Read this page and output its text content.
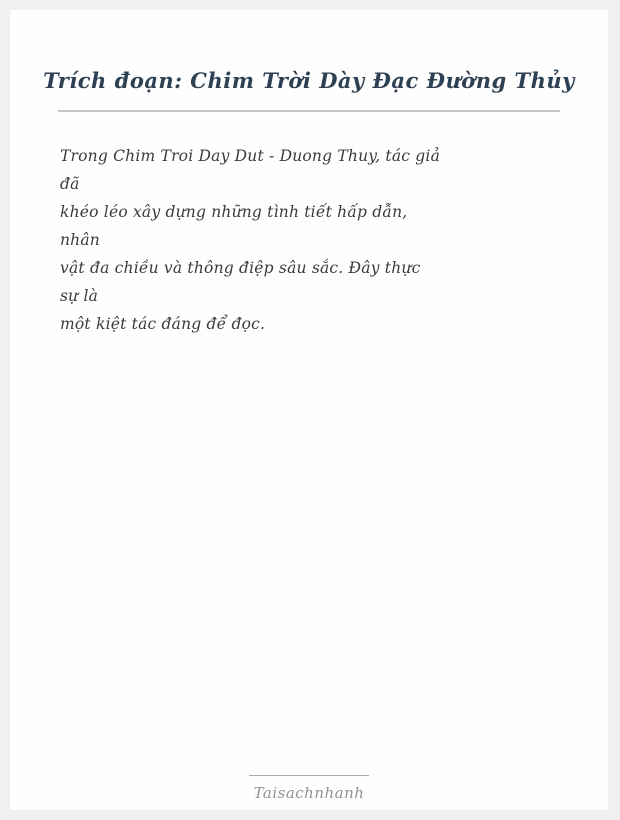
Trích đoạn: Chim Trời Dày Đạc Đường Thủy
Trong Chim Troi Day Dut - Duong Thuy, tác giả
đã
khéo léo xây dựng những tình tiết hấp dẫn,
nhân
vật đa chiều và thông điệp sâu sắc. Đây thực
sự là
một kiệt tác đáng để đọc.
Taisachnhanh
